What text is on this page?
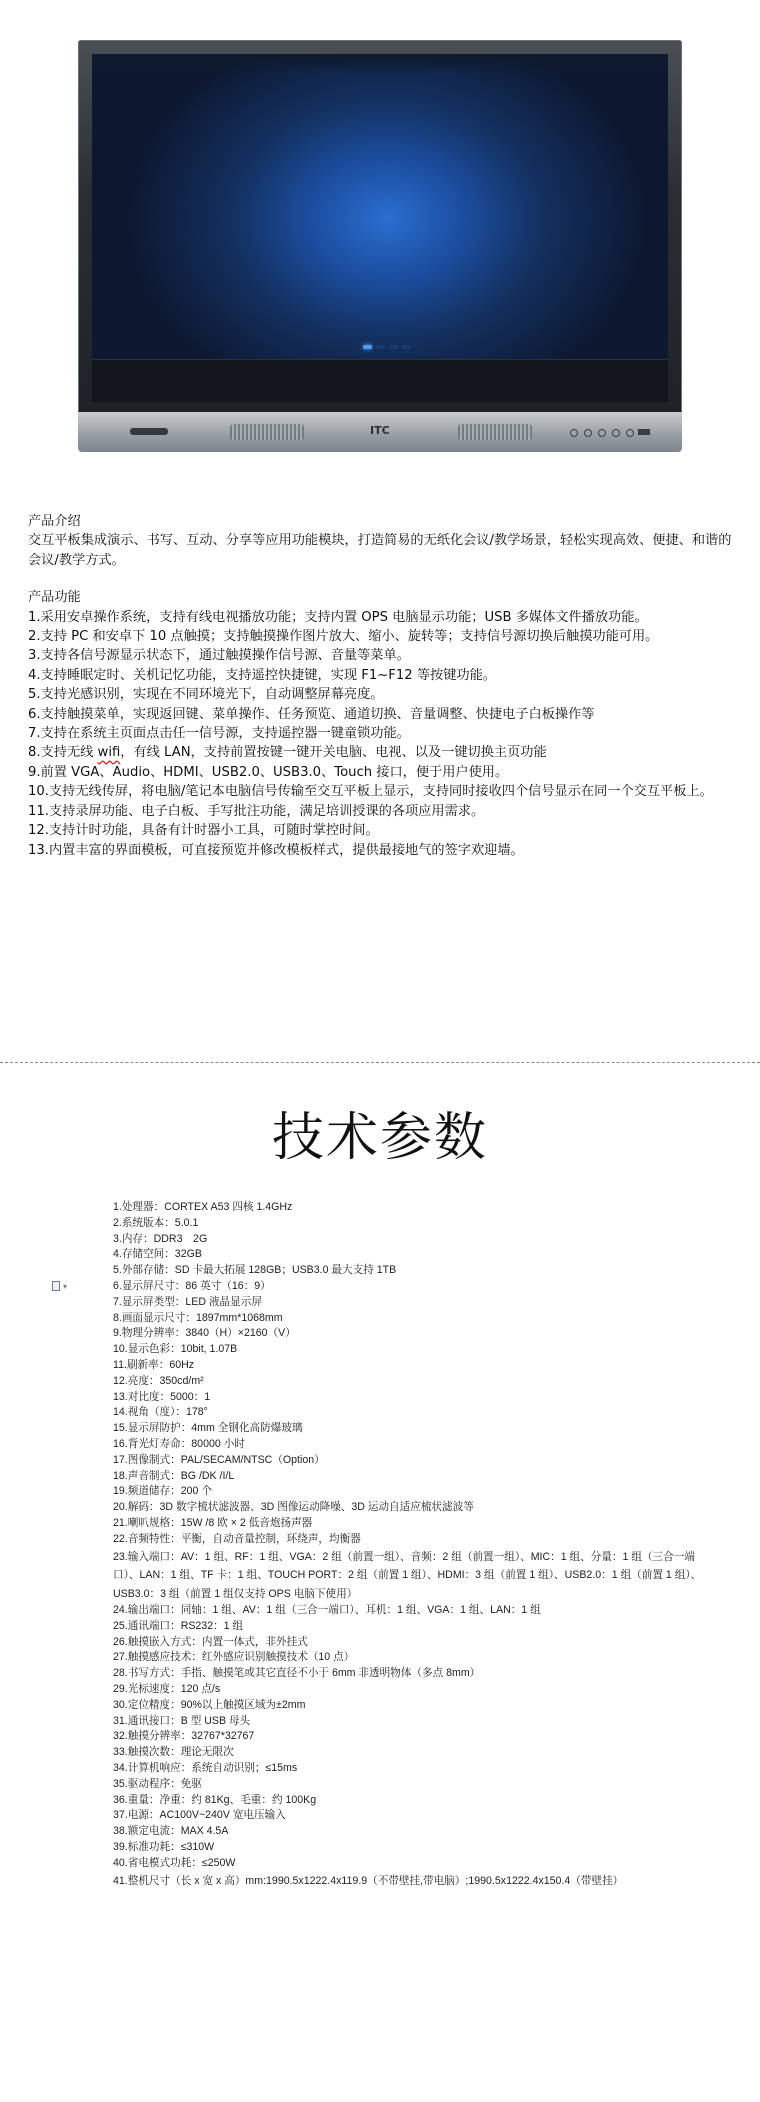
ITC

产品介绍

交互平板集成演示、书写、互动、分享等应用功能模块，打造简易的无纸化会议/教学场景，轻松实现高效、便捷、和谐的会议/教学方式。

产品功能

1.采用安卓操作系统，支持有线电视播放功能；支持内置 OPS 电脑显示功能；USB 多媒体文件播放功能。

2.支持 PC 和安卓下 10 点触摸；支持触摸操作图片放大、缩小、旋转等；支持信号源切换后触摸功能可用。

3.支持各信号源显示状态下，通过触摸操作信号源、音量等菜单。

4.支持睡眠定时、关机记忆功能，支持遥控快捷键，实现 F1~F12 等按键功能。

5.支持光感识别，实现在不同环境光下，自动调整屏幕亮度。

6.支持触摸菜单，实现返回键、菜单操作、任务预览、通道切换、音量调整、快捷电子白板操作等

7.支持在系统主页面点击任一信号源，支持遥控器一键童锁功能。

8.支持无线 wifi，有线 LAN，支持前置按键一键开关电脑、电视、以及一键切换主页功能

9.前置 VGA、Audio、HDMI、USB2.0、USB3.0、Touch 接口，便于用户使用。

10.支持无线传屏，将电脑/笔记本电脑信号传输至交互平板上显示，支持同时接收四个信号显示在同一个交互平板上。

11.支持录屏功能、电子白板、手写批注功能，满足培训授课的各项应用需求。

12.支持计时功能，具备有计时器小工具，可随时掌控时间。

13.内置丰富的界面模板，可直接预览并修改模板样式，提供最接地气的签字欢迎墙。

技术参数
▾

1.处理器：CORTEX A53 四核 1.4GHz

2.系统版本：5.0.1

3.内存：DDR3　2G

4.存储空间：32GB

5.外部存储：SD 卡最大拓展 128GB；USB3.0 最大支持 1TB

6.显示屏尺寸：86 英寸（16：9）

7.显示屏类型：LED 液晶显示屏

8.画面显示尺寸：1897mm*1068mm

9.物理分辨率：3840（H）×2160（V）

10.显示色彩：10bit, 1.07B

11.刷新率：60Hz

12.亮度：350cd/m²

13.对比度：5000：1

14.视角（度）：178°

15.显示屏防护：4mm 全钢化高防爆玻璃

16.背光灯寿命：80000 小时

17.图像制式：PAL/SECAM/NTSC（Option）

18.声音制式：BG /DK /I/L

19.频道储存：200 个

20.解码：3D 数字梳状滤波器、3D 图像运动降噪、3D 运动自适应梳状滤波等

21.喇叭规格：15W /8 欧 × 2 低音炮扬声器

22.音频特性：平衡，自动音量控制，环绕声，均衡器

23.输入端口：AV：1 组、RF：1 组、VGA：2 组（前置一组）、音频：2 组（前置一组）、MIC：1 组、分量：1 组（三合一端口）、LAN：1 组、TF 卡：1 组、TOUCH PORT：2 组（前置 1 组）、HDMI：3 组（前置 1 组）、USB2.0：1 组（前置 1 组）、USB3.0：3 组（前置 1 组仅支持 OPS 电脑下使用）

24.输出端口：同轴：1 组、AV：1 组（三合一端口）、耳机：1 组、VGA：1 组、LAN：1 组

25.通讯端口：RS232：1 组

26.触摸嵌入方式：内置一体式，非外挂式

27.触摸感应技术：红外感应识别触摸技术（10 点）

28.书写方式：手指、触摸笔或其它直径不小于 6mm 非透明物体（多点 8mm）

29.光标速度：120 点/s

30.定位精度：90%以上触摸区域为±2mm

31.通讯接口：B 型 USB 母头

32.触摸分辨率：32767*32767

33.触摸次数：理论无限次

34.计算机响应：系统自动识别；≤15ms

35.驱动程序：免驱

36.重量：净重：约 81Kg、毛重：约 100Kg

37.电源：AC100V~240V 宽电压输入

38.额定电流：MAX 4.5A

39.标准功耗：≤310W

40.省电模式功耗：≤250W

41.整机尺寸（长 x 宽 x 高）mm:1990.5x1222.4x119.9（不带壁挂,带电脑）;1990.5x1222.4x150.4（带壁挂）
